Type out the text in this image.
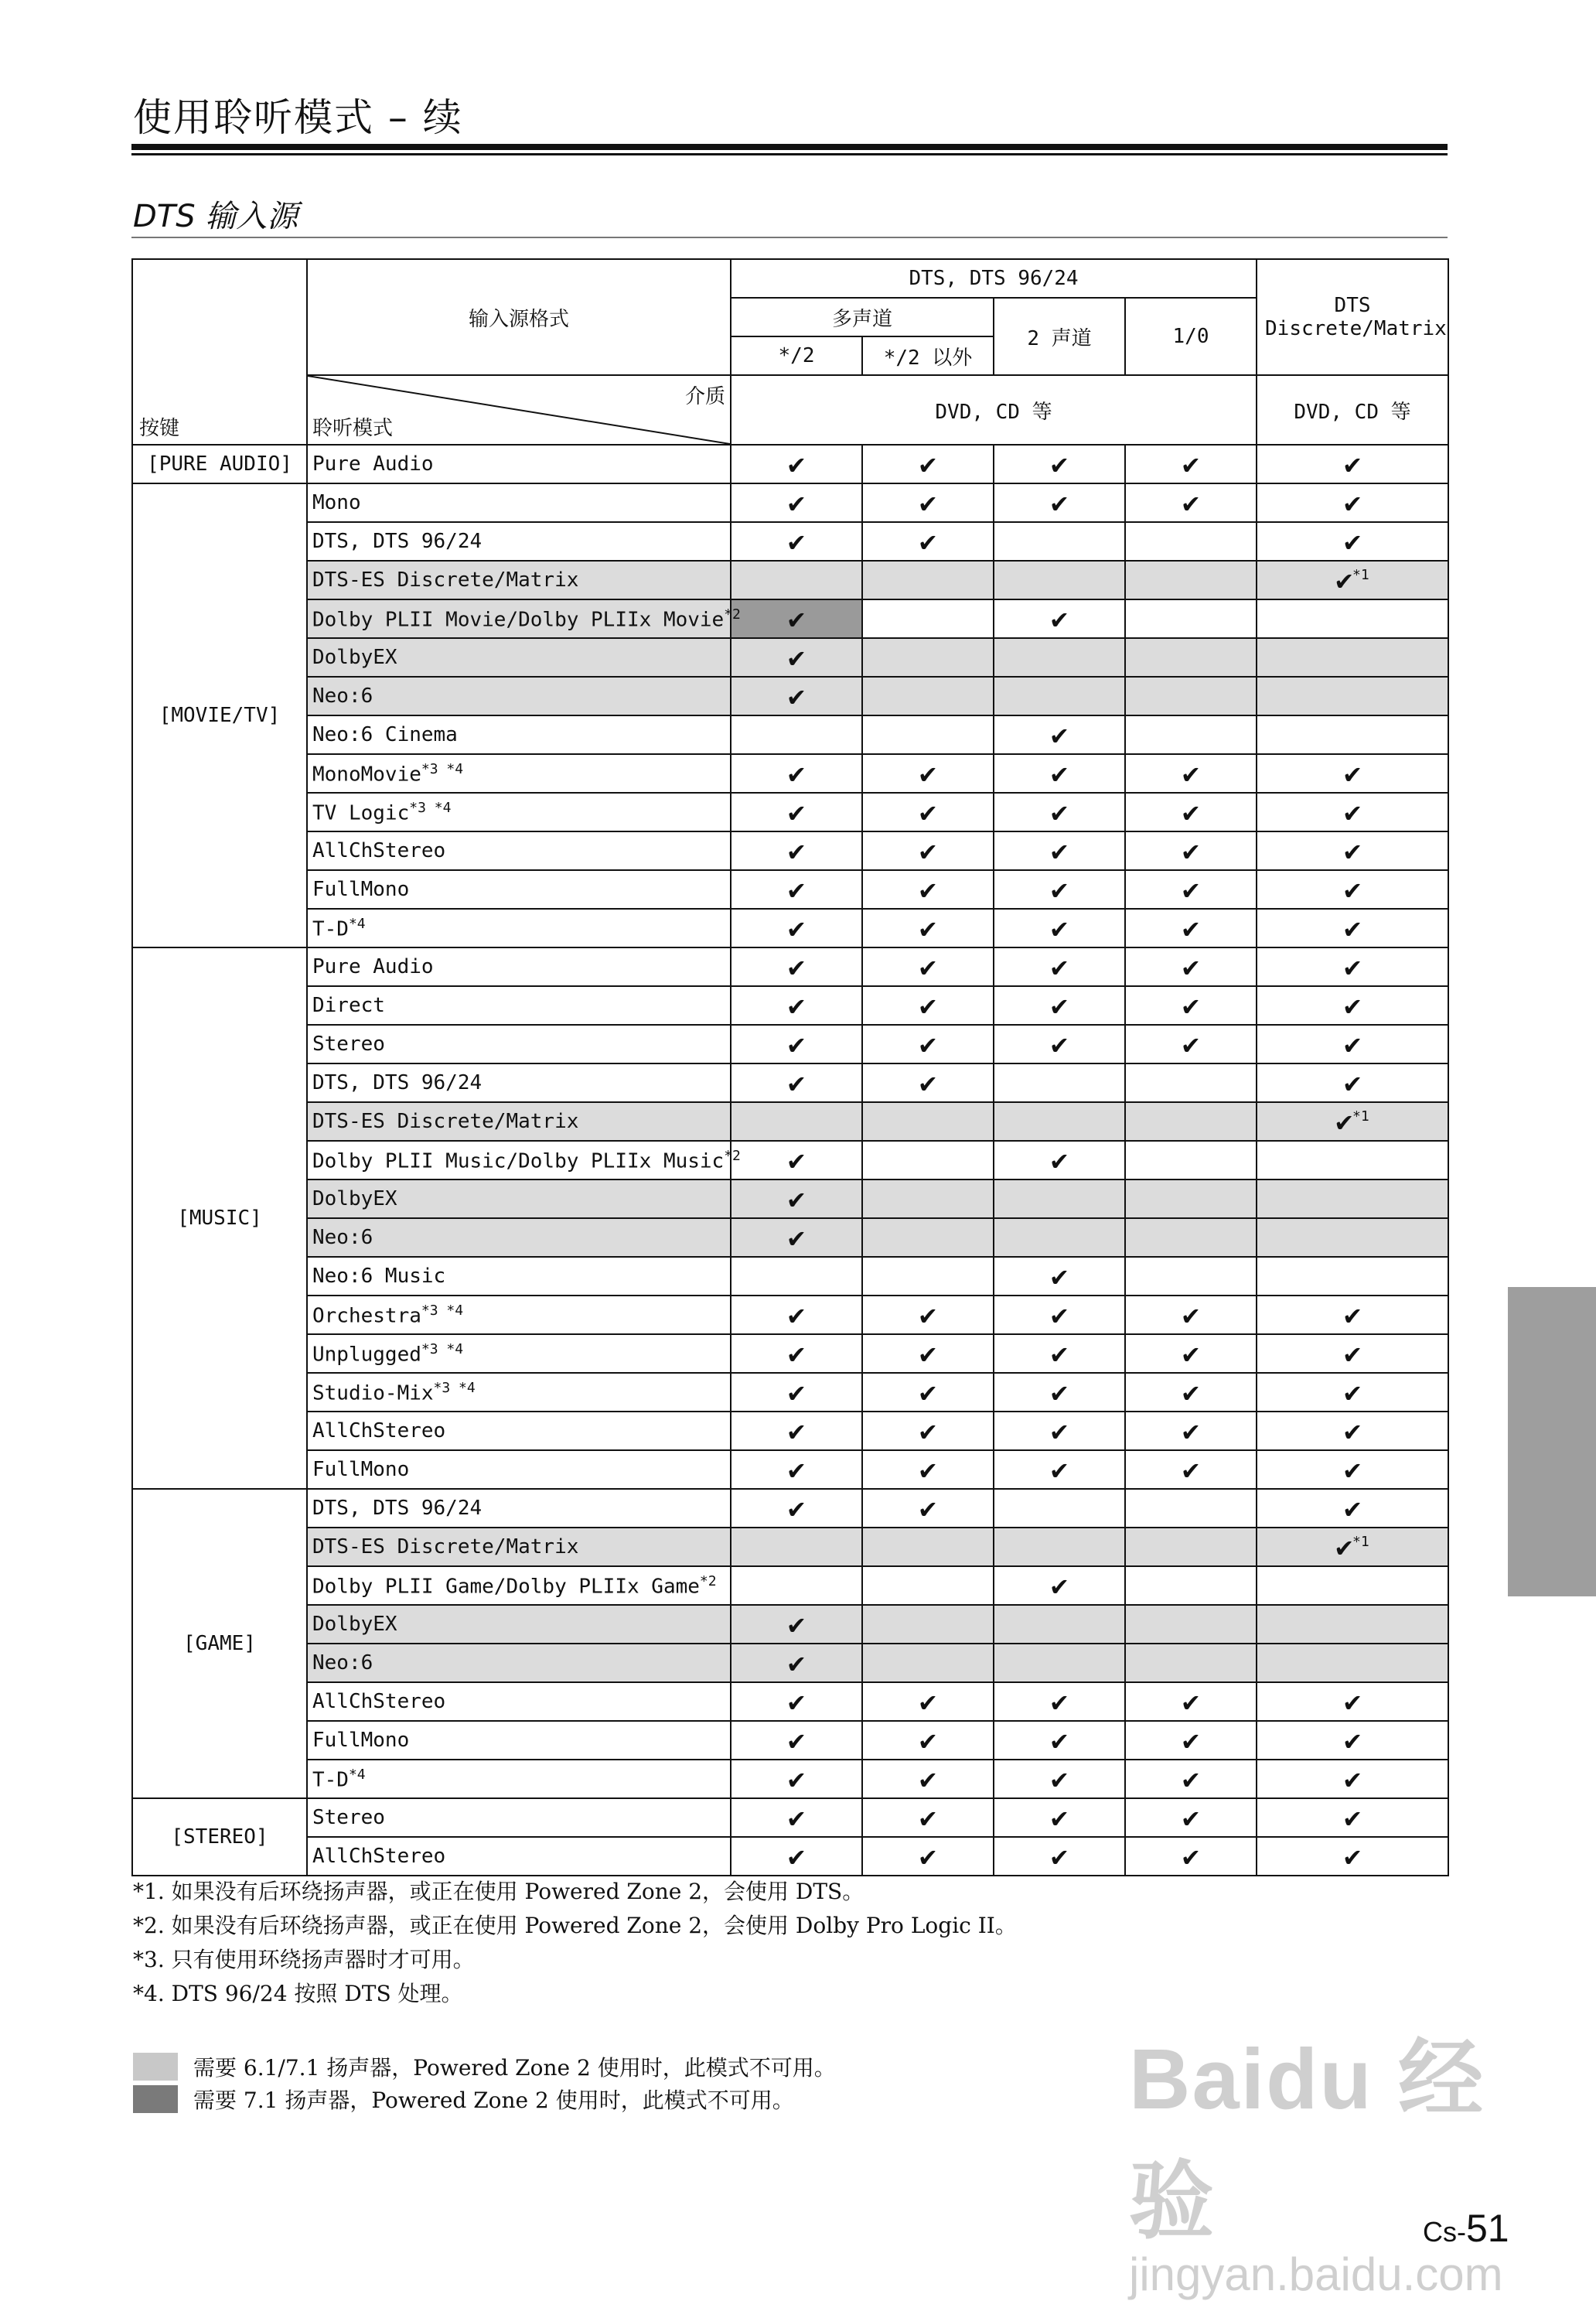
使用聆听模式 – 续
DTS 输入源
按键	输入源格式	DTS, DTS 96/24				DTS Discrete/Matrix
		多声道		2 声道	1/0	
		*/2	*/2 以外			

	介质
聆听模式	DVD, CD 等				DVD, CD 等
[PURE AUDIO]	Pure Audio	✔	✔	✔	✔	✔
[MOVIE/TV]	Mono	✔	✔	✔	✔	✔
	DTS, DTS 96/24	✔	✔			✔
	DTS-ES Discrete/Matrix					✔$^{*1}$
	Dolby PLII Movie/Dolby PLIIx Movie$^{*2}$	✔		✔		
	DolbyEX	✔				
	Neo:6	✔				
	Neo:6 Cinema			✔		
	MonoMovie$^{*3 *4}$	✔	✔	✔	✔	✔
	TV Logic$^{*3 *4}$	✔	✔	✔	✔	✔
	AllChStereo	✔	✔	✔	✔	✔
	FullMono	✔	✔	✔	✔	✔
	$T-D^{*4}$	✔	✔	✔	✔	✔
[MUSIC]	Pure Audio	✔	✔	✔	✔	✔
	Direct	✔	✔	✔	✔	✔
	Stereo	✔	✔	✔	✔	✔
	DTS, DTS 96/24	✔	✔			✔
	DTS-ES Discrete/Matrix					✔$^{*1}$
	Dolby PLII Music/Dolby PLIIx Music$^{*2}$	✔		✔		
	DolbyEX	✔				
	Neo:6	✔				
	Neo:6 Music			✔		
	Orchestra$^{*3 *4}$	✔	✔	✔	✔	✔
	Unplugged$^{*3 *4}$	✔	✔	✔	✔	✔
	Studio-Mix$^{*3 *4}$	✔	✔	✔	✔	✔
	AllChStereo	✔	✔	✔	✔	✔
	FullMono	✔	✔	✔	✔	✔
[GAME]	DTS, DTS 96/24	✔	✔			✔
	DTS-ES Discrete/Matrix					✔$^{*1}$
	Dolby PLII Game/Dolby PLIIx Game$^{*2}$			✔		
	DolbyEX	✔				
	Neo:6	✔				
	AllChStereo	✔	✔	✔	✔	✔
	FullMono	✔	✔	✔	✔	✔
	$T-D^{*4}$	✔	✔	✔	✔	✔
[STEREO]	Stereo	✔	✔	✔	✔	✔
	AllChStereo	✔	✔	✔	✔	✔
*1. 如果没有后环绕扬声器，或正在使用 Powered Zone 2，会使用 DTS。
*2. 如果没有后环绕扬声器，或正在使用 Powered Zone 2，会使用 Dolby Pro Logic II。
*3. 只有使用环绕扬声器时才可用。
*4. DTS 96/24 按照 DTS 处理。
需要 6.1/7.1 扬声器，Powered Zone 2 使用时，此模式不可用。
需要 7.1 扬声器，Powered Zone 2 使用时，此模式不可用。	Baidu 经验
jingyan.baidu.com
Cs-51
